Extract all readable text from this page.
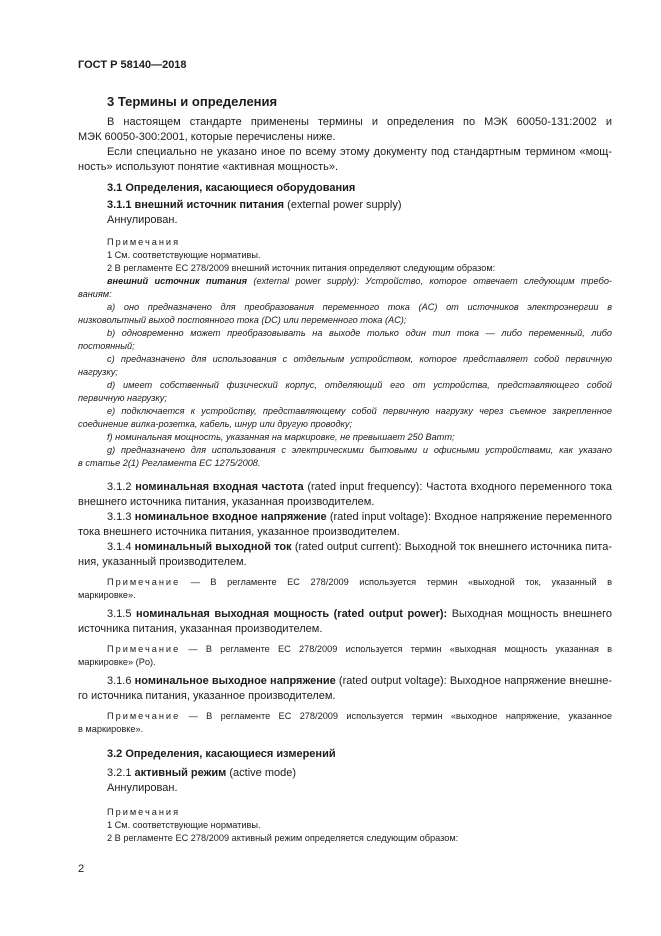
ГОСТ Р 58140—2018
3 Термины и определения
В настоящем стандарте применены термины и определения по МЭК 60050-131:2002 и
МЭК 60050-300:2001, которые перечислены ниже.
Если специально не указано иное по всему этому документу под стандартным термином «мощ-
ность» используют понятие «активная мощность».
3.1 Определения, касающиеся оборудования
3.1.1 внешний источник питания (external power supply)
Аннулирован.
Примечания
1 См. соответствующие нормативы.
2 В регламенте ЕС 278/2009 внешний источник питания определяют следующим образом:
внешний источник питания (external power supply): Устройство, которое отвечает следующим требо-
ваниям:
а) оно предназначено для преобразования переменного тока (AC) от источников электроэнергии в
низковольтный выход постоянного тока (DC) или переменного тока (AC);
b) одновременно может преобразовывать на выходе только один тип тока — либо переменный, либо
постоянный;
c) предназначено для использования с отдельным устройством, которое представляет собой первичную
нагрузку;
d) имеет собственный физический корпус, отделяющий его от устройства, представляющего собой
первичную нагрузку;
e) подключается к устройству, представляющему собой первичную нагрузку через съемное закрепленное
соединение вилка-розетка, кабель, шнур или другую проводку;
f) номинальная мощность, указанная на маркировке, не превышает 250 Ватт;
g) предназначено для использования с электрическими бытовыми и офисными устройствами, как указано
в статье 2(1) Регламента ЕС 1275/2008.
3.1.2 номинальная входная частота (rated input frequency): Частота входного переменного тока
внешнего источника питания, указанная производителем.
3.1.3 номинальное входное напряжение (rated input voltage): Входное напряжение переменного
тока внешнего источника питания, указанное производителем.
3.1.4 номинальный выходной ток (rated output current): Выходной ток внешнего источника пита-
ния, указанный производителем.
Примечание — В регламенте ЕС 278/2009 используется термин «выходной ток, указанный в
маркировке».
3.1.5 номинальная выходная мощность (rated output power): Выходная мощность внешнего
источника питания, указанная производителем.
Примечание — В регламенте ЕС 278/2009 используется термин «выходная мощность указанная в
маркировке» (Po).
3.1.6 номинальное выходное напряжение (rated output voltage): Выходное напряжение внешне-
го источника питания, указанное производителем.
Примечание — В регламенте ЕС 278/2009 используется термин «выходное напряжение, указанное
в маркировке».
3.2 Определения, касающиеся измерений
3.2.1 активный режим (active mode)
Аннулирован.
Примечания
1 См. соответствующие нормативы.
2 В регламенте ЕС 278/2009 активный режим определяется следующим образом:
2
